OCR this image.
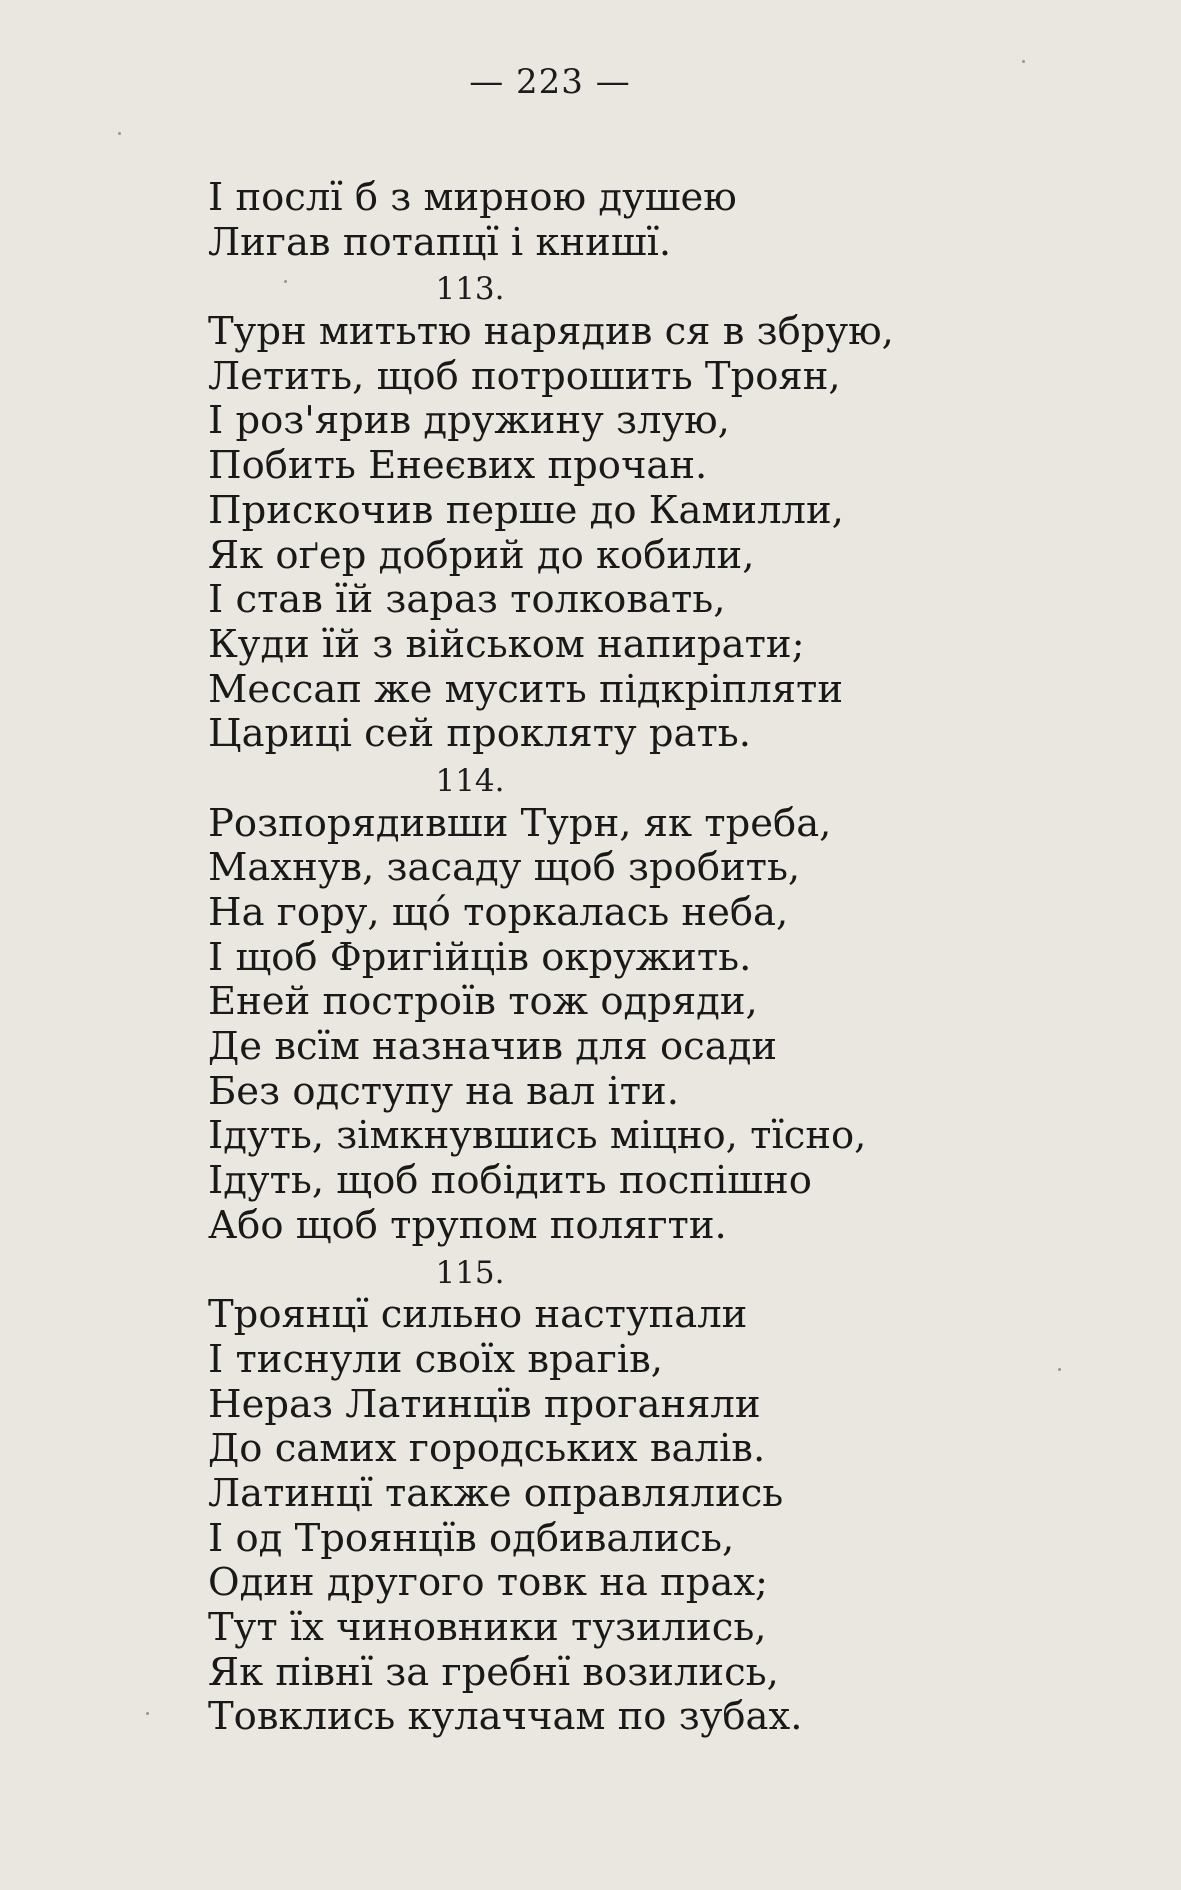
— 223 —
І послї б з мирною душею
Лигав потапцї і книшї.
113.
Турн митьтю нарядив ся в збрую,
Летить, щоб потрошить Троян,
І роз'ярив дружину злую,
Побить Енеєвих прочан.
Прискочив перше до Камилли,
Як оґер добрий до кобили,
І став їй зараз толковать,
Куди їй з військом напирати;
Мессап же мусить підкріпляти
Цариці сей прокляту рать.
114.
Розпорядивши Турн, як треба,
Махнув, засаду щоб зробить,
На гору, щó торкалась неба,
І щоб Фригійців окружить.
Еней построїв тож одряди,
Де всїм назначив для осади
Без одступу на вал іти.
Ідуть, зімкнувшись міцно, тїсно,
Ідуть, щоб побідить поспішно
Або щоб трупом полягти.
115.
Троянцї сильно наступали
І тиснули своїх врагів,
Нераз Латинцїв проганяли
До самих городських валів.
Латинцї также оправлялись
І од Троянцїв одбивались,
Один другого товк на прах;
Тут їх чиновники тузились,
Як півнї за гребнї возились,
Товклись кулаччам по зубах.
